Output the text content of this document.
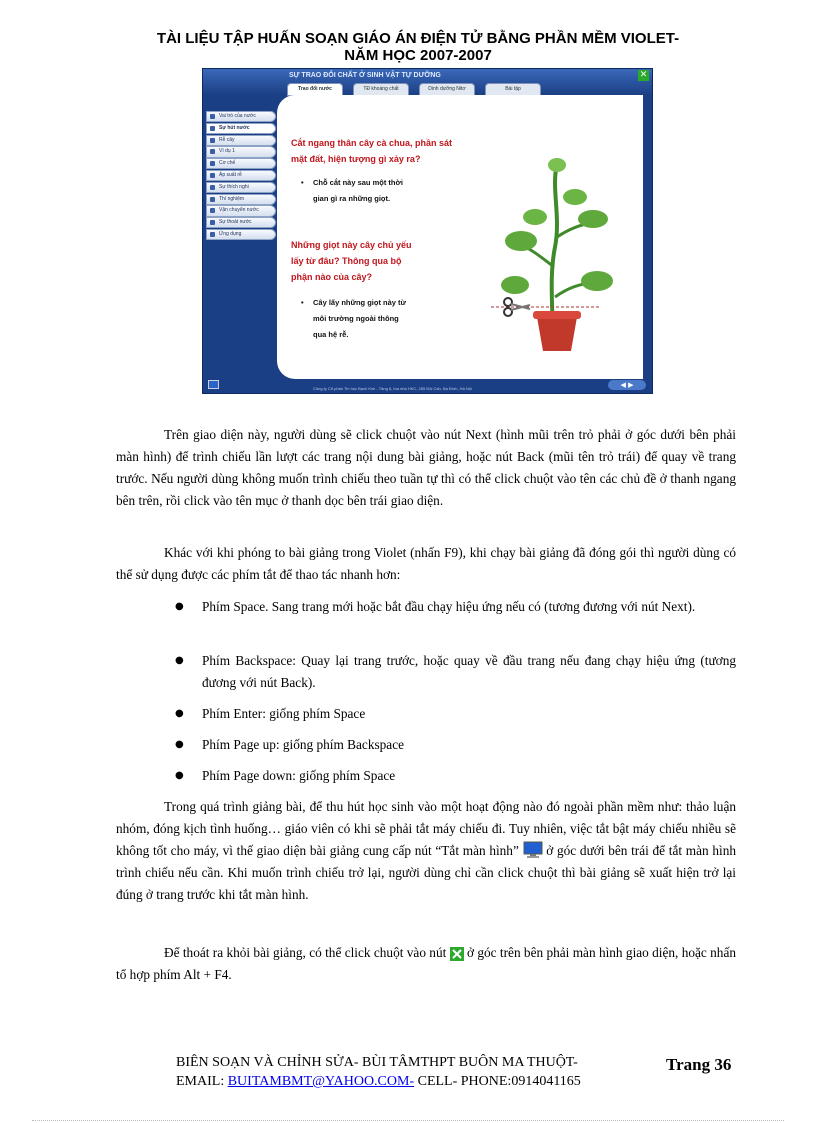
TÀI LIỆU TẬP HUẤN SOẠN GIÁO ÁN ĐIỆN TỬ BẰNG PHẦN MỀM VIOLET-
NĂM HỌC 2007-2007
SỰ TRAO ĐỔI CHẤT Ở SINH VẬT TỰ DƯỠNG	✕
Trao đổi nước	TĐ khoáng chất	Dinh dưỡng Nitơ	Bài tập
Vai trò của nước
Sự hút nước
Rễ cây
Ví dụ 1
Cơ chế
Áp suất rễ
Sự thích nghi
Thí nghiệm
Vận chuyển nước
Sự thoát nước
Ứng dụng
Cắt ngang thân cây cà chua, phần sát
mặt đất, hiện tượng gì xảy ra?
• Chỗ cắt này sau một thời
gian gì ra những giọt.
Những giọt này cây chủ yếu
lấy từ đâu? Thông qua bộ
phận nào của cây?
• Cây lấy những giọt này từ
môi trường ngoài thông
qua hệ rễ.
Công ty Cổ phần Tin học Bạch Kim - Tầng 6, tòa nhà HKC, 285 Đội Cấn, Ba Đình, Hà Nội	◀ ▶

Trên giao diện này, người dùng sẽ click chuột vào nút Next (hình mũi trên trỏ phải ở góc dưới bên phải màn hình) để trình chiếu lần lượt các trang nội dung bài giảng, hoặc nút Back (mũi tên trỏ trái) để quay về trang trước. Nếu người dùng không muốn trình chiếu theo tuần tự thì có thể click chuột vào tên các chủ đề ở thanh ngang bên trên, rồi click vào tên mục ở thanh dọc bên trái giao diện.

Khác với khi phóng to bài giảng trong Violet (nhấn F9), khi chạy bài giảng đã đóng gói thì người dùng có thể sử dụng được các phím tắt để thao tác nhanh hơn:

● Phím Space. Sang trang mới hoặc bắt đầu chạy hiệu ứng nếu có (tương đương với nút Next).
● Phím Backspace: Quay lại trang trước, hoặc quay về đầu trang nếu đang chạy hiệu ứng (tương đương với nút Back).
● Phím Enter: giống phím Space
● Phím Page up: giống phím Backspace
● Phím Page down: giống phím Space

Trong quá trình giảng bài, để thu hút học sinh vào một hoạt động nào đó ngoài phần mềm như: thảo luận nhóm, đóng kịch tình huống… giáo viên có khi sẽ phải tắt máy chiếu đi. Tuy nhiên, việc tắt bật máy chiếu nhiều sẽ không tốt cho máy, vì thế giao diện bài giảng cung cấp nút “Tắt màn hình” ở góc dưới bên trái để tắt màn hình trình chiếu nếu cần. Khi muốn trình chiếu trở lại, người dùng chỉ cần click chuột thì bài giảng sẽ xuất hiện trở lại đúng ở trang trước khi tắt màn hình.

Để thoát ra khỏi bài giảng, có thể click chuột vào nút ở góc trên bên phải màn hình giao diện, hoặc nhấn tổ hợp phím Alt + F4.

BIÊN SOẠN VÀ CHỈNH SỬA- BÙI TÂMTHPT BUÔN MA THUỘT-
EMAIL: BUITAMBMT@YAHOO.COM- CELL- PHONE:0914041165
Trang 36
